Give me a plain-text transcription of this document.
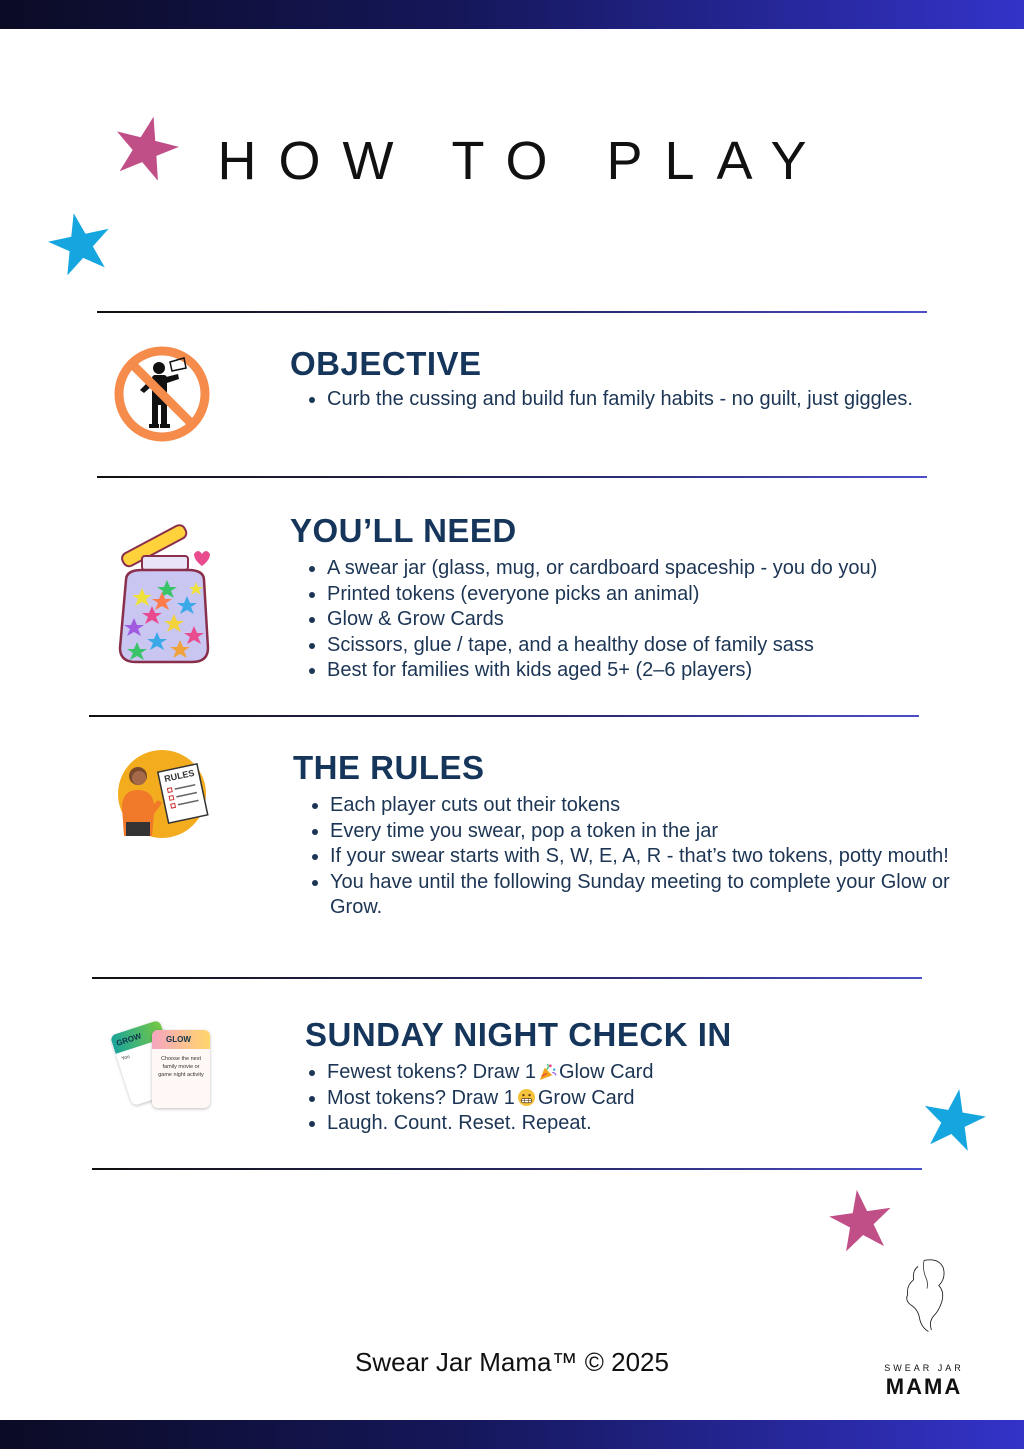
HOW TO PLAY
OBJECTIVE
• Curb the cussing and build fun family habits - no guilt, just giggles.
YOU’LL NEED
• A swear jar (glass, mug, or cardboard spaceship - you do you)
• Printed tokens (everyone picks an animal)
• Glow & Grow Cards
• Scissors, glue / tape, and a healthy dose of family sass
• Best for families with kids aged 5+ (2–6 players)
RULES	THE RULES
• Each player cuts out their tokens
• Every time you swear, pop a token in the jar
• If your swear starts with S, W, E, A, R - that’s two tokens, potty mouth!
• You have until the following Sunday meeting to complete your Glow or Grow.
GROW
You
GLOW
Choose the next family movie or game night activity
SUNDAY NIGHT CHECK IN
• Fewest tokens? Draw 1 Glow Card
• Most tokens? Draw 1 Grow Card
• Laugh. Count. Reset. Repeat.
Swear Jar Mama™ © 2025	SWEAR JAR
MAMA
